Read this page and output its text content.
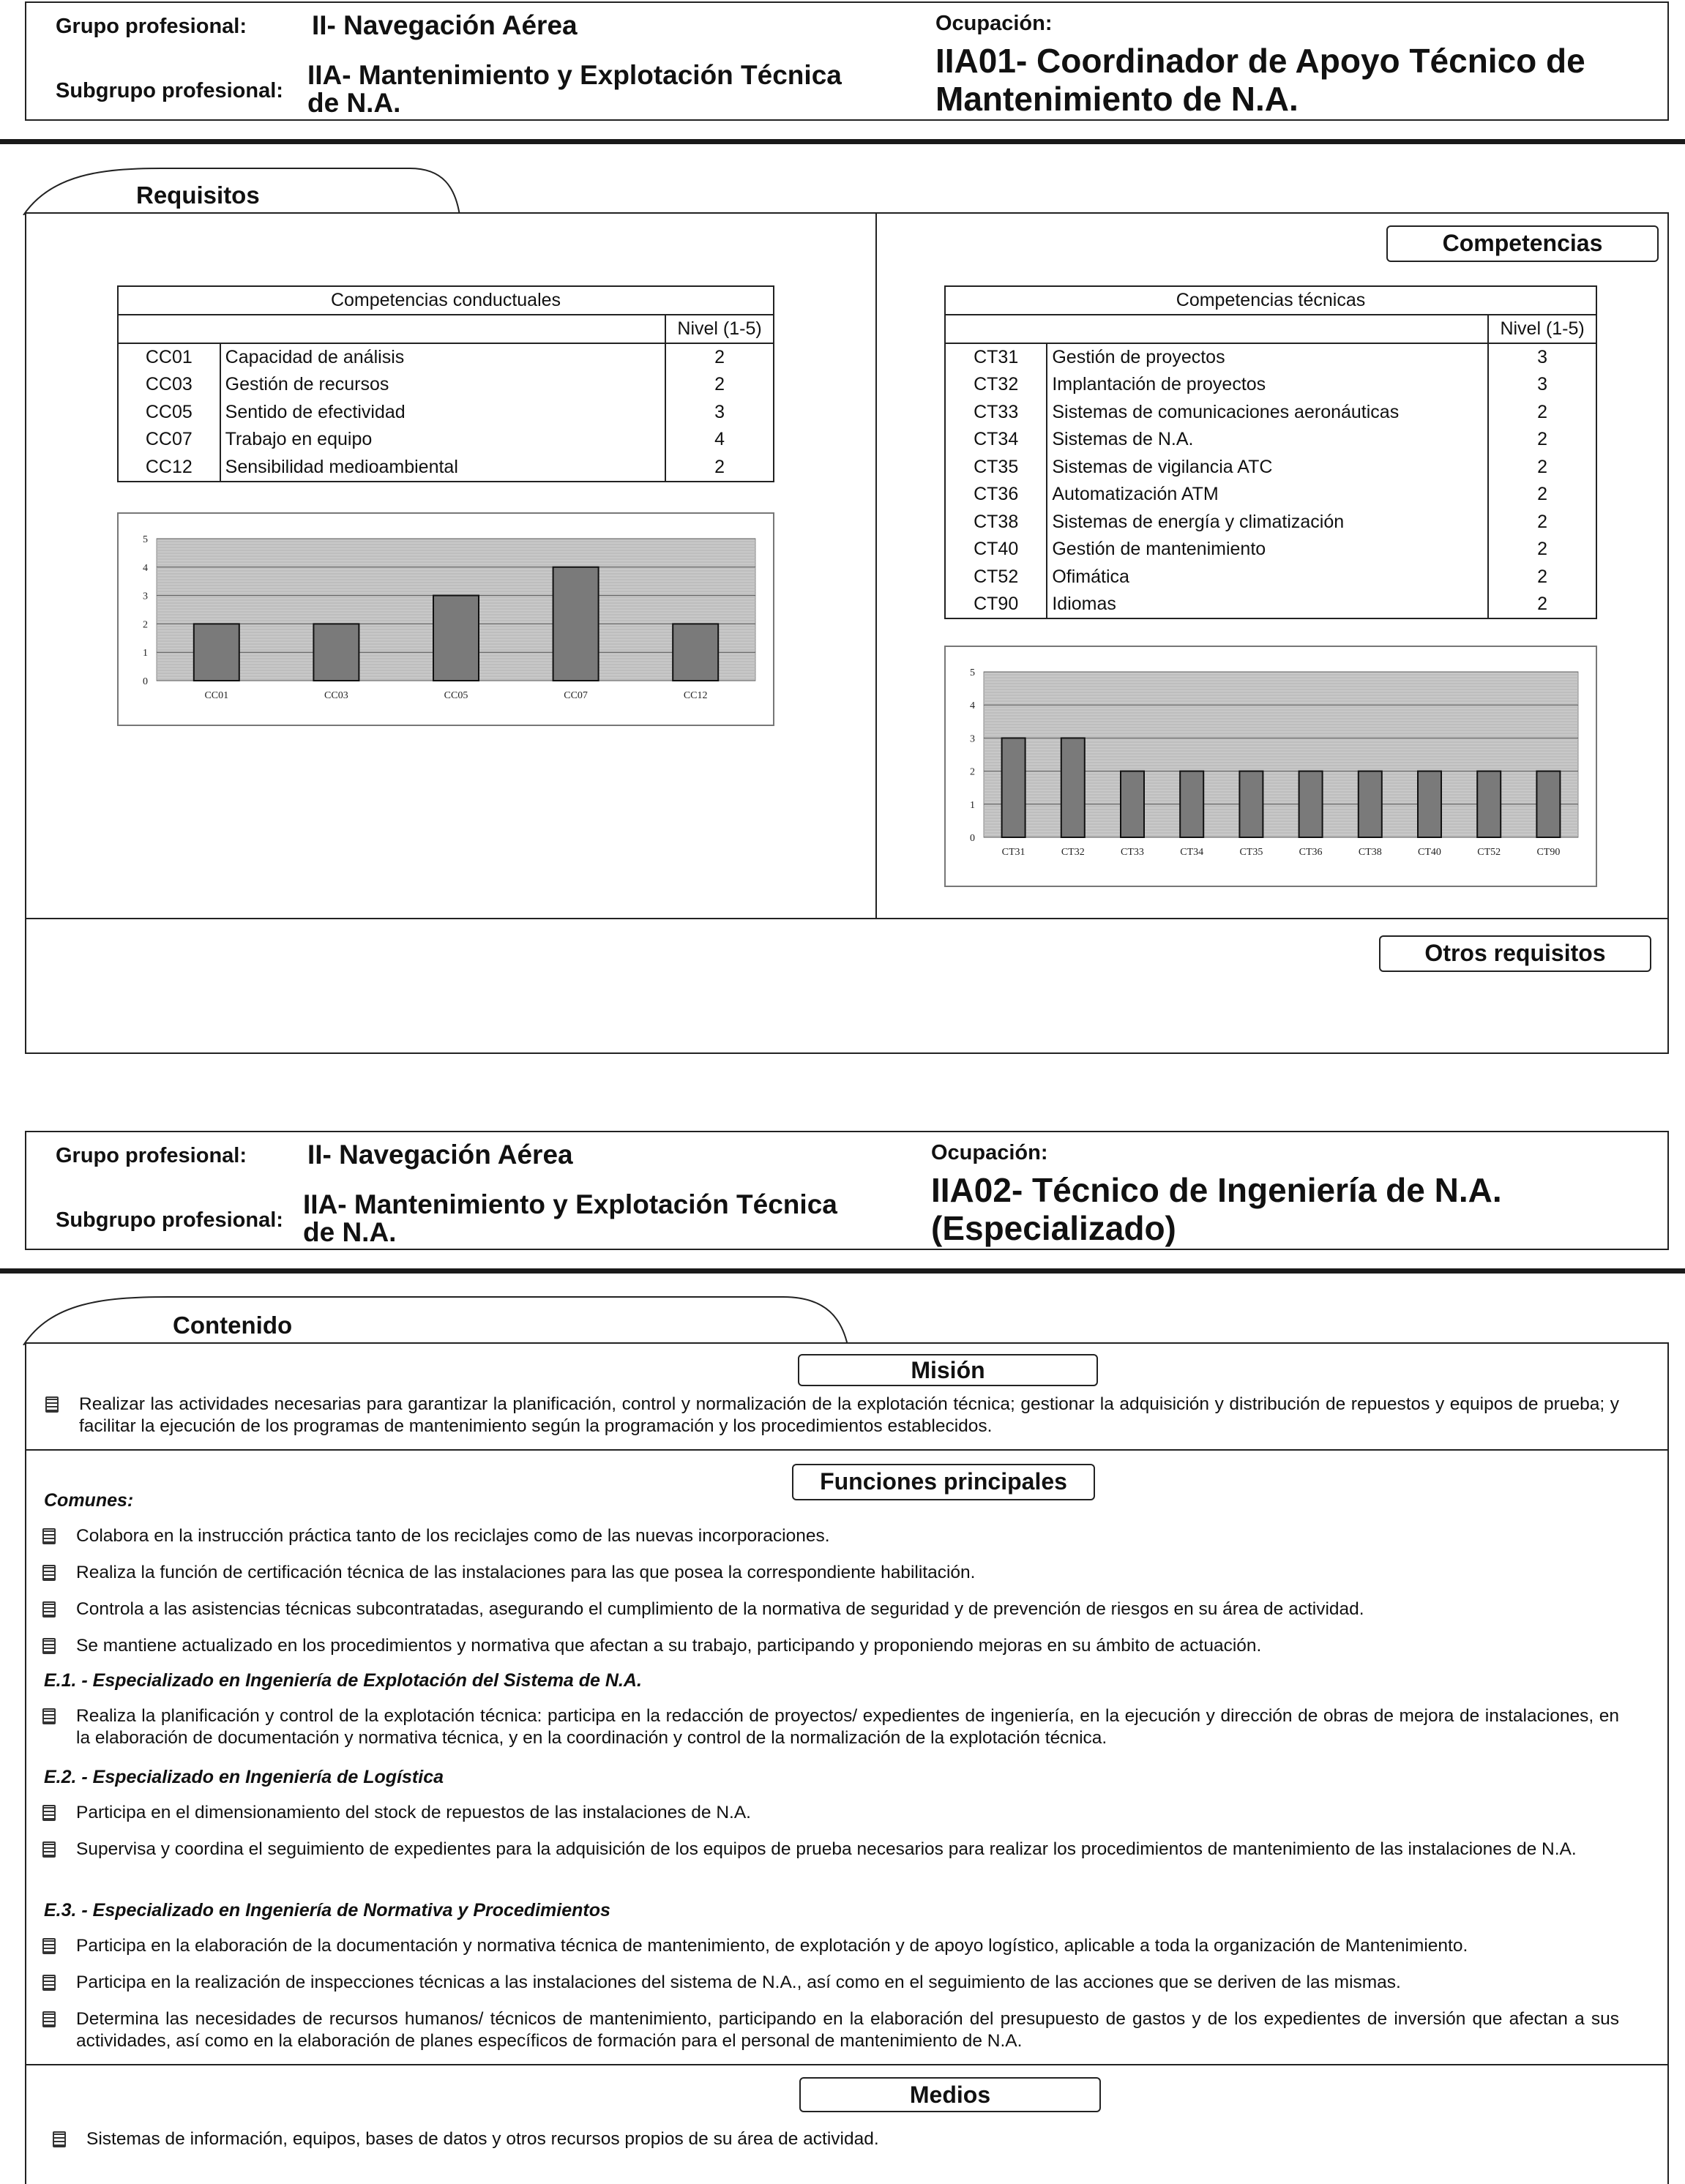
Grupo profesional: II- Navegación Aérea
Subgrupo profesional:
IIA- Mantenimiento y Explotación Técnica
de N.A.
Ocupación:
IIA01- Coordinador de Apoyo Técnico de
Mantenimiento de N.A.
Requisitos
Competencias
Competencias conductuales		
		Nivel (1-5)
CC01	Capacidad de análisis	2
CC03	Gestión de recursos	2
CC05	Sentido de efectividad	3
CC07	Trabajo en equipo	4
CC12	Sensibilidad medioambiental	2
Competencias técnicas		
		Nivel (1-5)
CT31	Gestión de proyectos	3
CT32	Implantación de proyectos	3
CT33	Sistemas de comunicaciones aeronáuticas	2
CT34	Sistemas de N.A.	2
CT35	Sistemas de vigilancia ATC	2
CT36	Automatización ATM	2
CT38	Sistemas de energía y climatización	2
CT40	Gestión de mantenimiento	2
CT52	Ofimática	2
CT90	Idiomas	2
0
1
2
3
4
5
CC01	CC03	CC05	CC07	CC12
0
1
2
3
4
5
CT31	CT32	CT33	CT34	CT35	CT36	CT38	CT40	CT52	CT90
Otros requisitos
Grupo profesional: II- Navegación Aérea
Subgrupo profesional:
IIA- Mantenimiento y Explotación Técnica
de N.A.
Ocupación:
IIA02- Técnico de Ingeniería de N.A.
(Especializado)
Contenido
Misión
Realizar las actividades necesarias para garantizar la planificación, control y normalización de la explotación técnica; gestionar la adquisición y distribución de repuestos y equipos de prueba; y facilitar la ejecución de los programas de mantenimiento según la programación y los procedimientos establecidos.
Funciones principales
Comunes:
Colabora en la instrucción práctica tanto de los reciclajes como de las nuevas incorporaciones.
Realiza la función de certificación técnica de las instalaciones para las que posea la correspondiente habilitación.
Controla a las asistencias técnicas subcontratadas, asegurando el cumplimiento de la normativa de seguridad y de prevención de riesgos en su área de actividad.
Se mantiene actualizado en los procedimientos y normativa que afectan a su trabajo, participando y proponiendo mejoras en su ámbito de actuación.
E.1. - Especializado en Ingeniería de Explotación del Sistema de N.A.
Realiza la planificación y control de la explotación técnica: participa en la redacción de proyectos/ expedientes de ingeniería, en la ejecución y dirección de obras de mejora de instalaciones, en la elaboración de documentación y normativa técnica, y en la coordinación y control de la normalización de la explotación técnica.
E.2. - Especializado en Ingeniería de Logística
Participa en el dimensionamiento del stock de repuestos de las instalaciones de N.A.
Supervisa y coordina el seguimiento de expedientes para la adquisición de los equipos de prueba necesarios para realizar los procedimientos de mantenimiento de las instalaciones de N.A.
E.3. - Especializado en Ingeniería de Normativa y Procedimientos
Participa en la elaboración de la documentación y normativa técnica de mantenimiento, de explotación y de apoyo logístico, aplicable a toda la organización de Mantenimiento.
Participa en la realización de inspecciones técnicas a las instalaciones del sistema de N.A., así como en el seguimiento de las acciones que se deriven de las mismas.
Determina las necesidades de recursos humanos/ técnicos de mantenimiento, participando en la elaboración del presupuesto de gastos y de los expedientes de inversión que afectan a sus actividades, así como en la elaboración de planes específicos de formación para el personal de mantenimiento de N.A.
Medios
Sistemas de información, equipos, bases de datos y otros recursos propios de su área de actividad.
